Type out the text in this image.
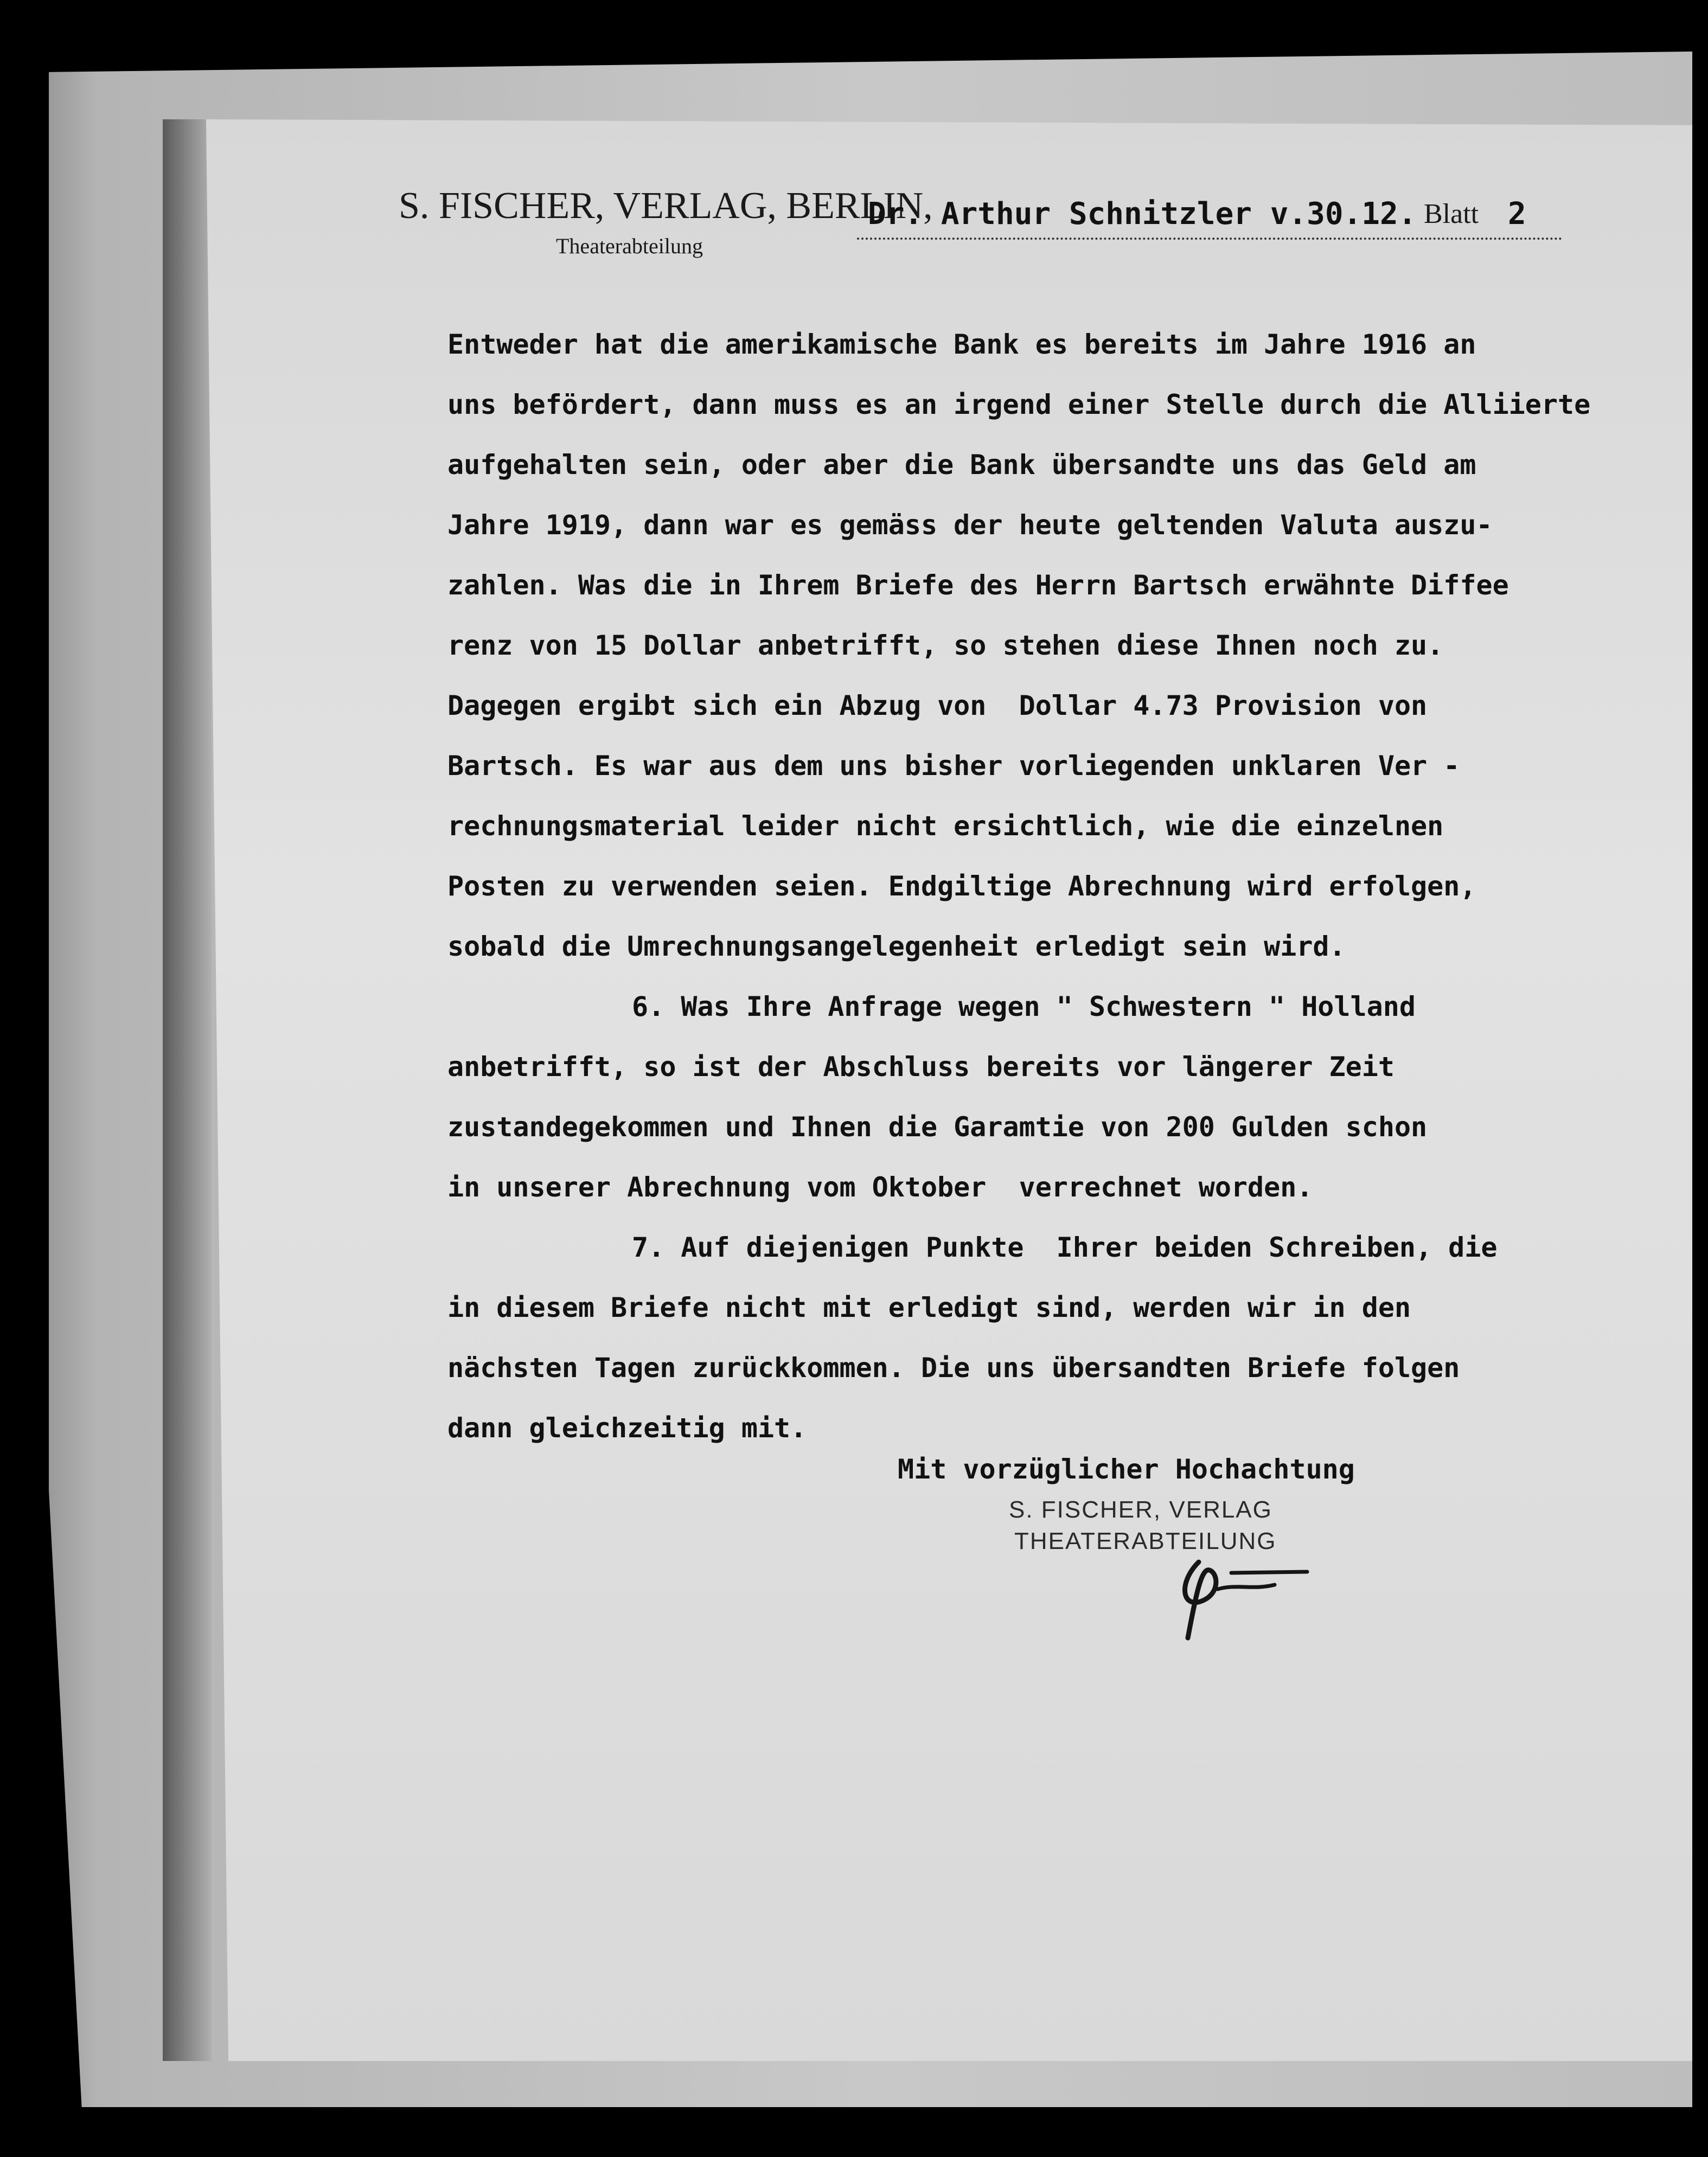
S. FISCHER, VERLAG, BERLIN,
Theaterabteilung
Dr. Arthur Schnitzler v.30.12. Blatt 2
Entweder hat die amerikamische Bank es bereits im Jahre 1916 an
uns befördert, dann muss es an irgend einer Stelle durch die Alliierte
aufgehalten sein, oder aber die Bank übersandte uns das Geld am
Jahre 1919, dann war es gemäss der heute geltenden Valuta auszu-
zahlen. Was die in Ihrem Briefe des Herrn Bartsch erwähnte Diffee
renz von 15 Dollar anbetrifft, so stehen diese Ihnen noch zu.
Dagegen ergibt sich ein Abzug von  Dollar 4.73 Provision von
Bartsch. Es war aus dem uns bisher vorliegenden unklaren Ver -
rechnungsmaterial leider nicht ersichtlich, wie die einzelnen
Posten zu verwenden seien. Endgiltige Abrechnung wird erfolgen,
sobald die Umrechnungsangelegenheit erledigt sein wird.
6. Was Ihre Anfrage wegen " Schwestern " Holland
anbetrifft, so ist der Abschluss bereits vor längerer Zeit
zustandegekommen und Ihnen die Garamtie von 200 Gulden schon
in unserer Abrechnung vom Oktober  verrechnet worden.
7. Auf diejenigen Punkte  Ihrer beiden Schreiben, die
in diesem Briefe nicht mit erledigt sind, werden wir in den
nächsten Tagen zurückkommen. Die uns übersandten Briefe folgen
dann gleichzeitig mit.
Mit vorzüglicher Hochachtung
S. FISCHER, VERLAG
THEATERABTEILUNG
